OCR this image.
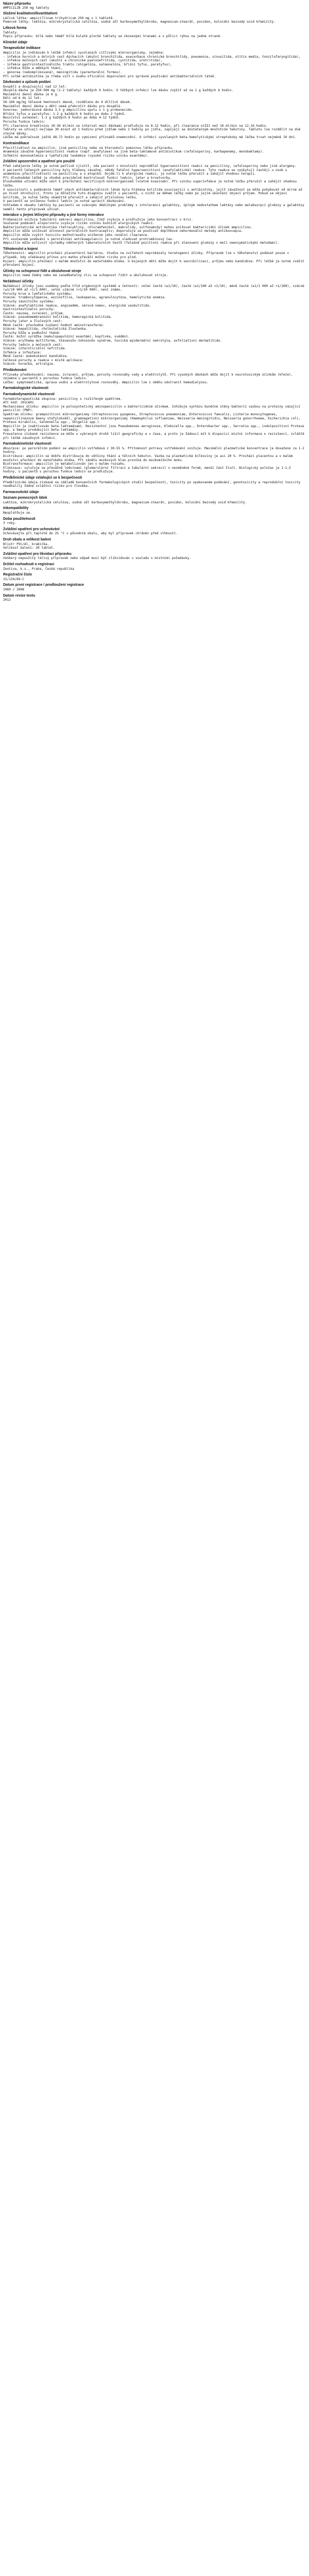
Název přípravku
AMPICILIN 250 mg tablety
Složení kvalitativní/kvantitativní
Léčivá látka: ampicillinum trihydricum 250 mg v 1 tabletě.
Pomocné látky: laktóza, mikrokrystalická celulóza, sodná sůl karboxymethylškrobu, magnesium-stearát, povidon, koloidní bezvodý oxid křemičitý.
Léková forma
Tablety.
Popis přípravku: bílé nebo téměř bílé kulaté ploché tablety se zkosenými hranami a s půlicí rýhou na jedné straně.
Klinické údaje
Terapeutické indikace
Ampicilin je indikován k léčbě infekcí vyvolaných citlivými mikroorganismy, zejména:
- infekce horních a dolních cest dýchacích (akutní bronchitida, exacerbace chronické bronchitidy, pneumonie, sinusitida, otitis media, tonzilofaryngitida),
- infekce močových cest (akutní a chronické pyelonefritida, cystitida, uretritida),
- infekce gastrointestinálního traktu (shigelóza, salmonelóza, břišní tyfus, paratyfus),
- infekce kůže a měkkých tkání,
- gonorea (nekomplikovaná), meningitida (parenterální formou).
Při volbě antibiotika je třeba vzít v úvahu oficiální doporučení pro správné používání antibakteriálních látek.
Dávkování a způsob podání
Dospělí a dospívající nad 12 let:
Obvyklá dávka je 250-500 mg (1-2 tablety) každých 6 hodin. U těžkých infekcí lze dávku zvýšit až na 1 g každých 6 hodin.
Maximální denní dávka je 6 g.
Děti od 6 do 12 let:
50-100 mg/kg tělesné hmotnosti denně, rozděleno do 4 dílčích dávek.
Maximální denní dávka u dětí nemá překročit dávku pro dospělé.
Gonorea: jednorázová dávka 3,5 g ampicilinu spolu s 1 g probenecidu.
Břišní tyfus a paratyfus: 1-2 g každých 6 hodin po dobu 2 týdnů.
Nosičství salmonel: 1-2 g každých 6 hodin po dobu 4-12 týdnů.
Porucha funkce ledvin:
Při clearance kreatininu 10-30 ml/min se interval mezi dávkami prodlužuje na 8-12 hodin, při clearance nižší než 10 ml/min na 12-16 hodin.
Tablety se užívají nejlépe 30 minut až 1 hodinu před jídlem nebo 2 hodiny po jídle, zapíjejí se dostatečným množstvím tekutiny. Tabletu lze rozdělit na dvě stejné dávky.
Léčba má pokračovat ještě 48-72 hodin po vymizení příznaků onemocnění. U infekcí vyvolaných beta-hemolytickými streptokoky má léčba trvat nejméně 10 dní.
Kontraindikace
Přecitlivělost na ampicilin, jiné peniciliny nebo na kteroukoli pomocnou látku přípravku.
Anamnéza závažné hypersenzitivní reakce (např. anafylaxe) na jiné beta-laktamové antibiotikum (cefalosporiny, karbapenemy, monobaktamy).
Infekční mononukleóza a lymfatická leukémie (vysoké riziko vzniku exantému).
Zvláštní upozornění a opatření pro použití
Před zahájením léčby je nutné pečlivě zjistit, zda pacient v minulosti neprodělal hypersenzitivní reakci na peniciliny, cefalosporiny nebo jiné alergeny.
U pacientů léčených peniciliny byly hlášeny závažné, někdy fatální hypersenzitivní (anafylaktické) reakce. Tyto reakce se vyskytují častěji u osob s anamnézou přecitlivělosti na peniciliny a u atopiků. Dojde-li k alergické reakci, je nutné léčbu přerušit a zahájit vhodnou terapii.
Při dlouhodobé léčbě je vhodné pravidelně kontrolovat funkci ledvin, jater a krvetvorby.
Dlouhodobé užívání může vést k přerůstání necitlivých mikroorganismů (včetně kvasinek). Při vzniku superinfekce je nutné léčbu přerušit a zahájit vhodnou léčbu.
V souvislosti s podáváním téměř všech antibakteriálních látek byla hlášena kolitida související s antibiotiky, jejíž závažnost se může pohybovat od mírné až po život ohrožující. Proto je důležité tuto diagnózu zvážit u pacientů, u nichž se během léčby nebo po jejím ukončení objeví průjem. Pokud se objeví kolitida, je nutné léčbu okamžitě přerušit a zahájit příslušnou léčbu.
U pacientů se sníženou funkcí ledvin je nutné upravit dávkování.
Vzhledem k obsahu laktózy by pacienti se vzácnými dědičnými problémy s intolerancí galaktózy, úplným nedostatkem laktázy nebo malabsorpcí glukózy a galaktózy neměli tento přípravek užívat.
Interakce s jinými léčivými přípravky a jiné formy interakce
Probenecid snižuje tubulární sekreci ampicilinu, čímž zvyšuje a prodlužuje jeho koncentraci v krvi.
Současné podávání alopurinolu zvyšuje riziko vzniku kožních alergických reakcí.
Bakteriostatická antibiotika (tetracykliny, chloramfenikol, makrolidy, sulfonamidy) mohou snižovat baktericidní účinek ampicilinu.
Ampicilin může snižovat účinnost perorálních kontraceptiv; doporučuje se používat doplňkové nehormonální metody antikoncepce.
Ampicilin může zvýšit toxicitu methotrexátu snížením jeho renální clearance.
Při současném podávání s perorálními antikoagulancii je nutné sledovat protrombinový čas.
Ampicilin může ovlivnit výsledky některých laboratorních testů (falešně pozitivní reakce při stanovení glukózy v moči neenzymatickými metodami).
Těhotenství a kojení
Těhotenství: ampicilin prochází placentární bariérou. Studie na zvířatech neprokázaly teratogenní účinky. Přípravek lze v těhotenství podávat pouze v případě, kdy očekávaný přínos pro matku převáží možné riziko pro plod.
Kojení: ampicilin přechází v malém množství do mateřského mléka. U kojených dětí může dojít k senzibilizaci, průjmu nebo kandidóze. Při léčbě je nutné zvážit přerušení kojení.
Účinky na schopnost řídit a obsluhovat stroje
Ampicilin nemá žádný nebo má zanedbatelný vliv na schopnost řídit a obsluhovat stroje.
Nežádoucí účinky
Nežádoucí účinky jsou uvedeny podle tříd orgánových systémů a četnosti: velmi časté (≥1/10), časté (≥1/100 až <1/10), méně časté (≥1/1 000 až <1/100), vzácné (≥1/10 000 až <1/1 000), velmi vzácné (<1/10 000), není známo.
Poruchy krve a lymfatického systému:
Vzácné: trombocytopenie, eozinofilie, leukopenie, agranulocytóza, hemolytická anémie.
Poruchy imunitního systému:
Vzácné: anafylaktické reakce, angioedém, sérová nemoc, alergická vaskulitida.
Gastrointestinální poruchy:
Časté: nauzea, zvracení, průjem.
Vzácné: pseudomembranózní kolitida, hemoragická kolitida.
Poruchy jater a žlučových cest:
Méně časté: přechodné zvýšení hodnot aminotransferáz.
Vzácné: hepatitida, cholestatická žloutenka.
Poruchy kůže a podkožní tkáně:
Časté: kožní vyrážka (makulopapulózní exantém), kopřivka, svědění.
Vzácné: erythema multiforme, Stevensův-Johnsonův syndrom, toxická epidermální nekrolýza, exfoliativní dermatitida.
Poruchy ledvin a močových cest:
Vzácné: intersticiální nefritida.
Infekce a infestace:
Méně časté: mukokutánní kandidóza.
Celkové poruchy a reakce v místě aplikace:
Vzácné: horečka, artralgie.
Předávkování
Příznaky předávkování: nauzea, zvracení, průjem, poruchy rovnováhy vody a elektrolytů. Při vysokých dávkách může dojít k neurotoxickým účinkům (křeče), zejména u pacientů s poruchou funkce ledvin.
Léčba: symptomatická, úprava vodní a elektrolytové rovnováhy. Ampicilin lze z oběhu odstranit hemodialýzou.
Farmakologické vlastnosti
Farmakodynamické vlastnosti
Farmakoterapeutická skupina: peniciliny s rozšířeným spektrem.
ATC kód: J01CA01
Mechanismus účinku: ampicilin je polosyntetický aminopenicilin s baktericidním účinkem. Inhibuje syntézu buněčné stěny bakterií vazbou na proteiny vázající penicilin (PBP).
Spektrum účinku: grampozitivní mikroorganismy (Streptococcus pyogenes, Streptococcus pneumoniae, Enterococcus faecalis, Listeria monocytogenes, nepenicilinázové kmeny stafylokoků), gramnegativní mikroorganismy (Haemophilus influenzae, Neisseria meningitidis, Neisseria gonorrhoeae, Escherichia coli, Proteus mirabilis, Salmonella spp., Shigella spp.).
Ampicilin je inaktivován beta-laktamázami. Rezistentní jsou Pseudomonas aeruginosa, Klebsiella spp., Enterobacter spp., Serratia spp., indolpozitivní Proteus spp. a kmeny produkující beta-laktamázy.
Prevalence získané rezistence se může u vybraných druhů lišit geograficky a v čase, a proto je žádoucí mít k dispozici místní informace o rezistenci, zvláště při léčbě závažných infekcí.
Farmakokinetické vlastnosti
Absorpce: po perorálním podání se ampicilin vstřebává z 30-55 %. Přítomnost potravy vstřebávání snižuje. Maximální plazmatické koncentrace je dosaženo za 1-2 hodiny.
Distribuce: ampicilin se dobře distribuuje do většiny tkání a tělních tekutin. Vazba na plazmatické bílkoviny je asi 20 %. Prochází placentou a v malém množství přechází do mateřského mléka. Při zánětu mozkových blan proniká do mozkomíšního moku.
Biotransformace: ampicilin je metabolizován jen v malém rozsahu.
Eliminace: vylučuje se převážně ledvinami (glomerulární filtrací a tubulární sekrecí) v nezměněné formě, menší část žlučí. Biologický poločas je 1-1,5 hodiny, u pacientů s poruchou funkce ledvin se prodlužuje.
Předklinické údaje vztahující se k bezpečnosti
Předklinické údaje získané na základě konvenčních farmakologických studií bezpečnosti, toxicity po opakovaném podávání, genotoxicity a reprodukční toxicity neodhalily žádné zvláštní riziko pro člověka.
Farmaceutické údaje
Seznam pomocných látek
Laktóza, mikrokrystalická celulóza, sodná sůl karboxymethylškrobu, magnesium-stearát, povidon, koloidní bezvodý oxid křemičitý.
Inkompatibility
Neuplatňuje se.
Doba použitelnosti
3 roky.
Zvláštní opatření pro uchovávání
Uchovávejte při teplotě do 25 °C v původním obalu, aby byl přípravek chráněn před vlhkostí.
Druh obalu a velikost balení
Blistr PVC/Al, krabička.
Velikost balení: 20 tablet.
Zvláštní opatření pro likvidaci přípravku
Veškerý nepoužitý léčivý přípravek nebo odpad musí být zlikvidován v souladu s místními požadavky.
Držitel rozhodnutí o registraci
Zentiva, k.s., Praha, Česká republika
Registrační číslo
15/134/69-C
Datum první registrace / prodloužení registrace
1969 / 2008
Datum revize textu
2012
